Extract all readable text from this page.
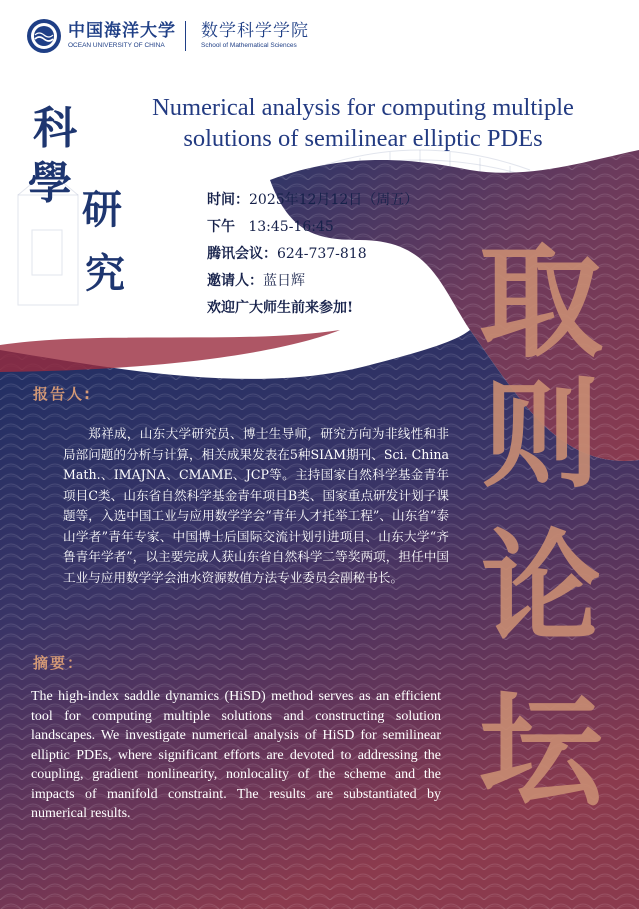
中国海洋大学
OCEAN UNIVERSITY OF CHINA
数学科学学院
School of Mathematical Sciences
Numerical analysis for computing multiple solutions of semilinear elliptic PDEs
科
學
研
究
时间：2025年12月12日（周五）
下午 13:45-16:45
腾讯会议：624-737-818
邀请人：蓝日辉
欢迎广大师生前来参加!	取
则
论
坛
报告人:
郑祥成，山东大学研究员、博士生导师，研究方向为非线性和非局部问题的分析与计算，相关成果发表在5种SIAM期刊、Sci. China Math.、IMAJNA、CMAME、JCP等。主持国家自然科学基金青年项目C类、山东省自然科学基金青年项目B类、国家重点研发计划子课题等，入选中国工业与应用数学学会“青年人才托举工程”、山东省“泰山学者”青年专家、中国博士后国际交流计划引进项目、山东大学“齐鲁青年学者”，以主要完成人获山东省自然科学二等奖两项，担任中国工业与应用数学学会油水资源数值方法专业委员会副秘书长。
摘要：
The high-index saddle dynamics (HiSD) method serves as an efficient tool for computing multiple solutions and constructing solution landscapes. We investigate numerical analysis of HiSD for semilinear elliptic PDEs, where significant efforts are devoted to addressing the coupling, gradient nonlinearity, nonlocality of the scheme and the impacts of manifold constraint. The results are substantiated by numerical results.
